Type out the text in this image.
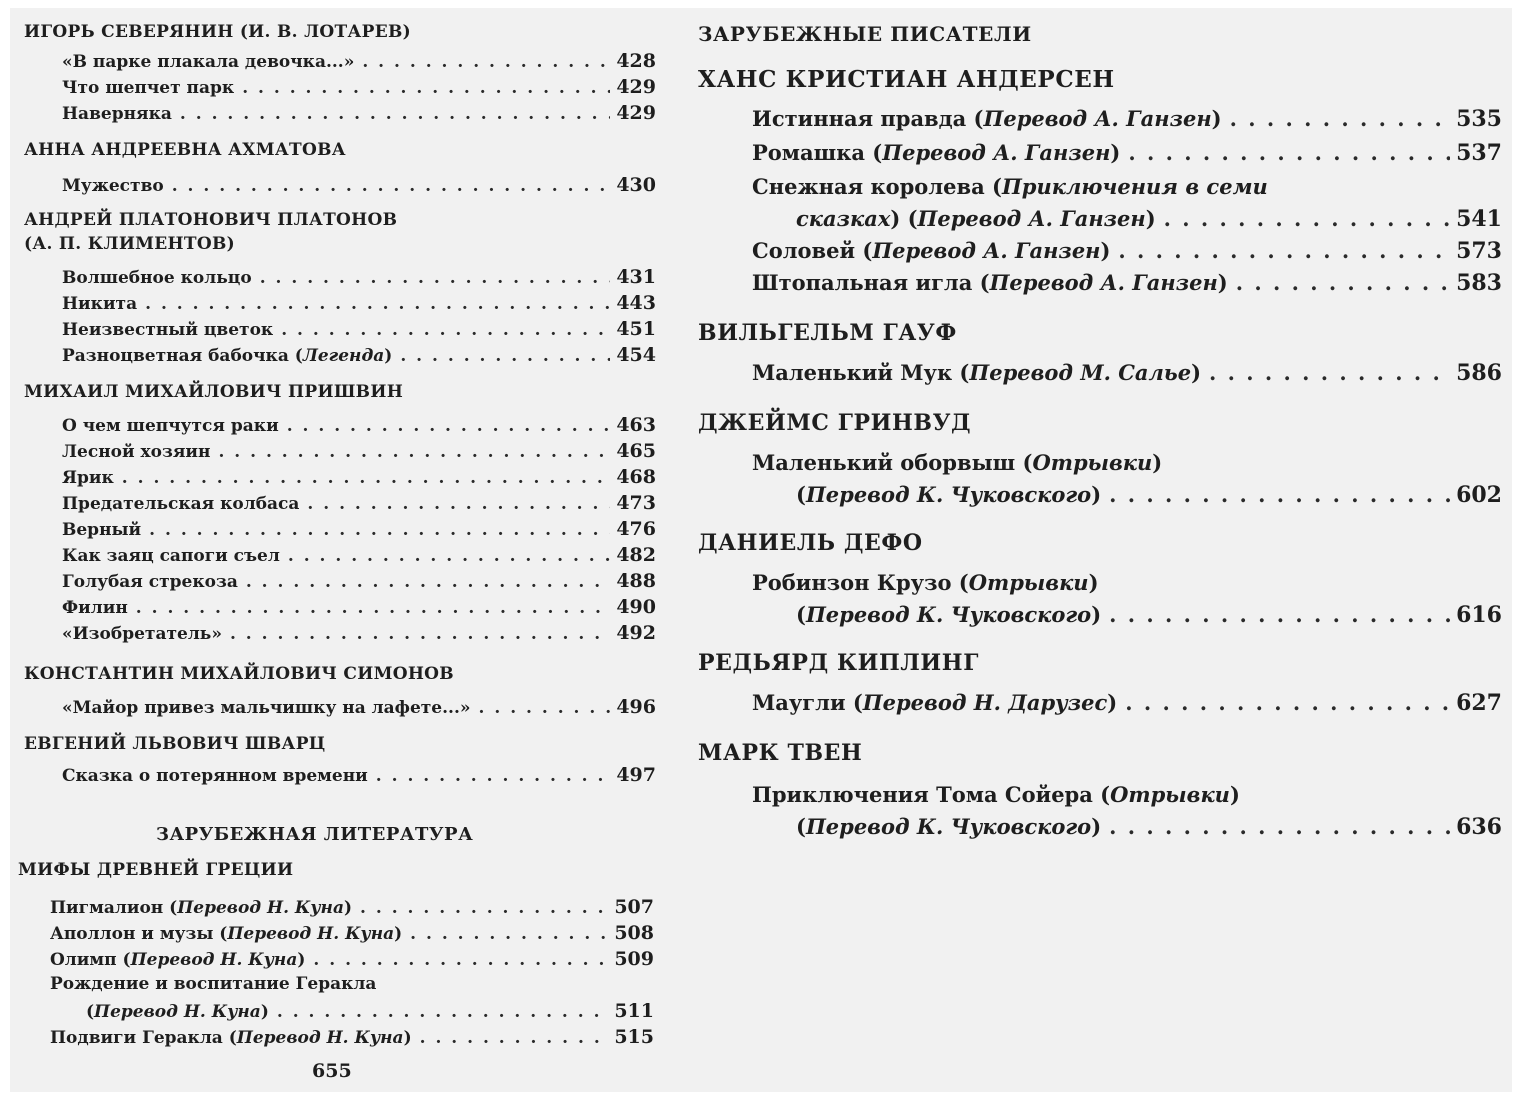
ИГОРЬ СЕВЕРЯНИН (И. В. ЛОТАРЕВ)
«В парке плакала девочка...» . . .	428
Что шепчет парк . . .	429
Наверняка . . .	429
АННА АНДРЕЕВНА АХМАТОВА
Мужество . . .	430
АНДРЕЙ ПЛАТОНОВИЧ ПЛАТОНОВ
(А. П. КЛИМЕНТОВ)
Волшебное кольцо . . .	431
Никита . . .	443
Неизвестный цветок . . .	451
Разноцветная бабочка (Легенда) . . .	454
МИХАИЛ МИХАЙЛОВИЧ ПРИШВИН
О чем шепчутся раки . . .	463
Лесной хозяин . . .	465
Ярик . . .	468
Предательская колбаса . . .	473
Верный . . .	476
Как заяц сапоги съел . . .	482
Голубая стрекоза . . .	488
Филин . . .	490
«Изобретатель» . . .	492
КОНСТАНТИН МИХАЙЛОВИЧ СИМОНОВ
«Майор привез мальчишку на лафете...» . . .	496
ЕВГЕНИЙ ЛЬВОВИЧ ШВАРЦ
Сказка о потерянном времени . . .	497
ЗАРУБЕЖНАЯ ЛИТЕРАТУРА
МИФЫ ДРЕВНЕЙ ГРЕЦИИ
Пигмалион (Перевод Н. Куна) . . .	507
Аполлон и музы (Перевод Н. Куна) . . .	508
Олимп (Перевод Н. Куна) . . .	509
Рождение и воспитание Геракла
(Перевод Н. Куна) . . .	511
Подвиги Геракла (Перевод Н. Куна) . . .	515
655
ЗАРУБЕЖНЫЕ ПИСАТЕЛИ
ХАНС КРИСТИАН АНДЕРСЕН
Истинная правда (Перевод А. Ганзен) . . .	535
Ромашка (Перевод А. Ганзен) . . .	537
Снежная королева (Приключения в семи
сказках) (Перевод А. Ганзен) . . .	541
Соловей (Перевод А. Ганзен) . . .	573
Штопальная игла (Перевод А. Ганзен) . . .	583
ВИЛЬГЕЛЬМ ГАУФ
Маленький Мук (Перевод М. Салье) . . .	586
ДЖЕЙМС ГРИНВУД
Маленький оборвыш (Отрывки)
(Перевод К. Чуковского) . . .	602
ДАНИЕЛЬ ДЕФО
Робинзон Крузо (Отрывки)
(Перевод К. Чуковского) . . .	616
РЕДЬЯРД КИПЛИНГ
Маугли (Перевод Н. Дарузес) . . .	627
МАРК ТВЕН
Приключения Тома Сойера (Отрывки)
(Перевод К. Чуковского) . . .	636
